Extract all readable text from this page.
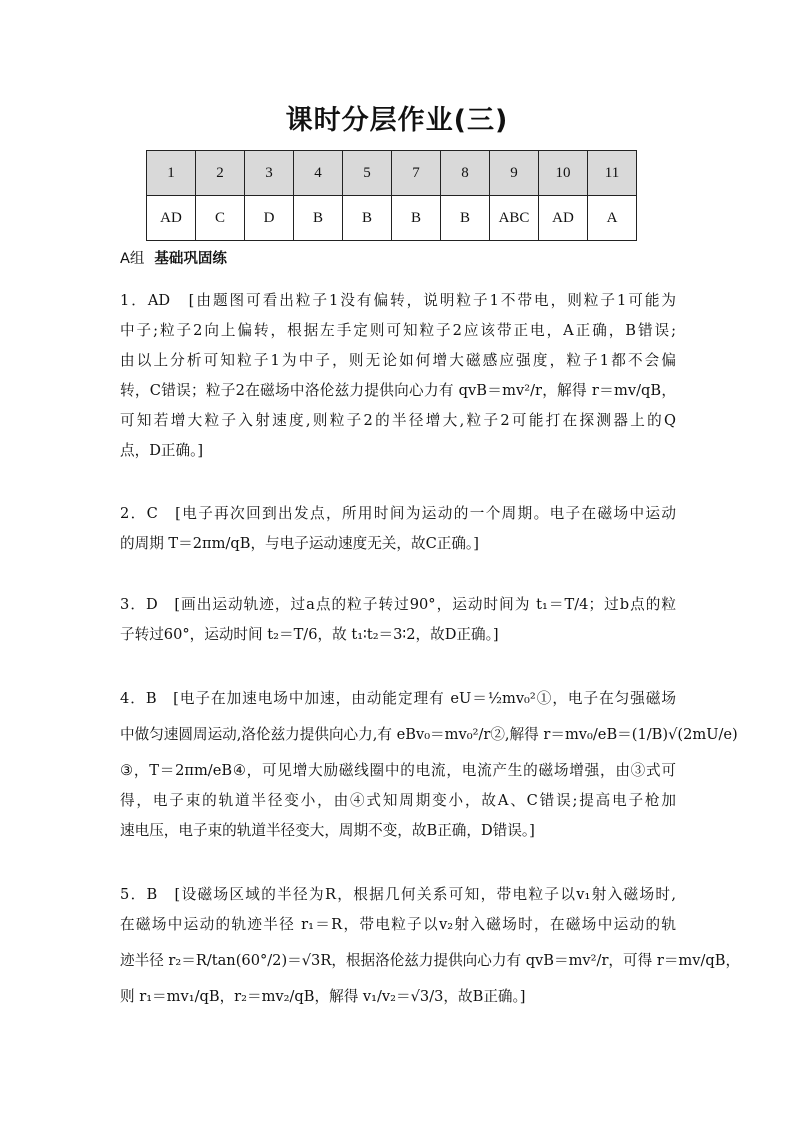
课时分层作业(三)
1	2	3	4	5	7	8	9	10	11
AD	C	D	B	B	B	B	ABC	AD	A
A组 基础巩固练
1．AD　[由题图可看出粒子1没有偏转，说明粒子1不带电，则粒子1可能为
中子;粒子2向上偏转，根据左手定则可知粒子2应该带正电，A正确，B错误;
由以上分析可知粒子1为中子，则无论如何增大磁感应强度，粒子1都不会偏
转，C错误；粒子2在磁场中洛伦兹力提供向心力有 qvB＝mv²/r，解得 r＝mv/qB，
可知若增大粒子入射速度,则粒子2的半径增大,粒子2可能打在探测器上的Q
点，D正确。]
2．C　[电子再次回到出发点，所用时间为运动的一个周期。电子在磁场中运动
的周期 T＝2πm/qB，与电子运动速度无关，故C正确。]
3．D　[画出运动轨迹，过a点的粒子转过90°，运动时间为 t₁＝T/4；过b点的粒
子转过60°，运动时间 t₂＝T/6，故 t₁∶t₂＝3∶2，故D正确。]
4．B　[电子在加速电场中加速，由动能定理有 eU＝½mv₀²①，电子在匀强磁场
中做匀速圆周运动,洛伦兹力提供向心力,有 eBv₀＝mv₀²/r②,解得 r＝mv₀/eB＝(1/B)√(2mU/e)
③，T＝2πm/eB④，可见增大励磁线圈中的电流，电流产生的磁场增强，由③式可
得，电子束的轨道半径变小，由④式知周期变小，故A、C错误;提高电子枪加
速电压，电子束的轨道半径变大，周期不变，故B正确，D错误。]
5．B　[设磁场区域的半径为R，根据几何关系可知，带电粒子以v₁射入磁场时,
在磁场中运动的轨迹半径 r₁＝R，带电粒子以v₂射入磁场时，在磁场中运动的轨
迹半径 r₂＝R/tan(60°/2)＝√3R，根据洛伦兹力提供向心力有 qvB＝mv²/r，可得 r＝mv/qB，
则 r₁＝mv₁/qB，r₂＝mv₂/qB，解得 v₁/v₂＝√3/3，故B正确。]
